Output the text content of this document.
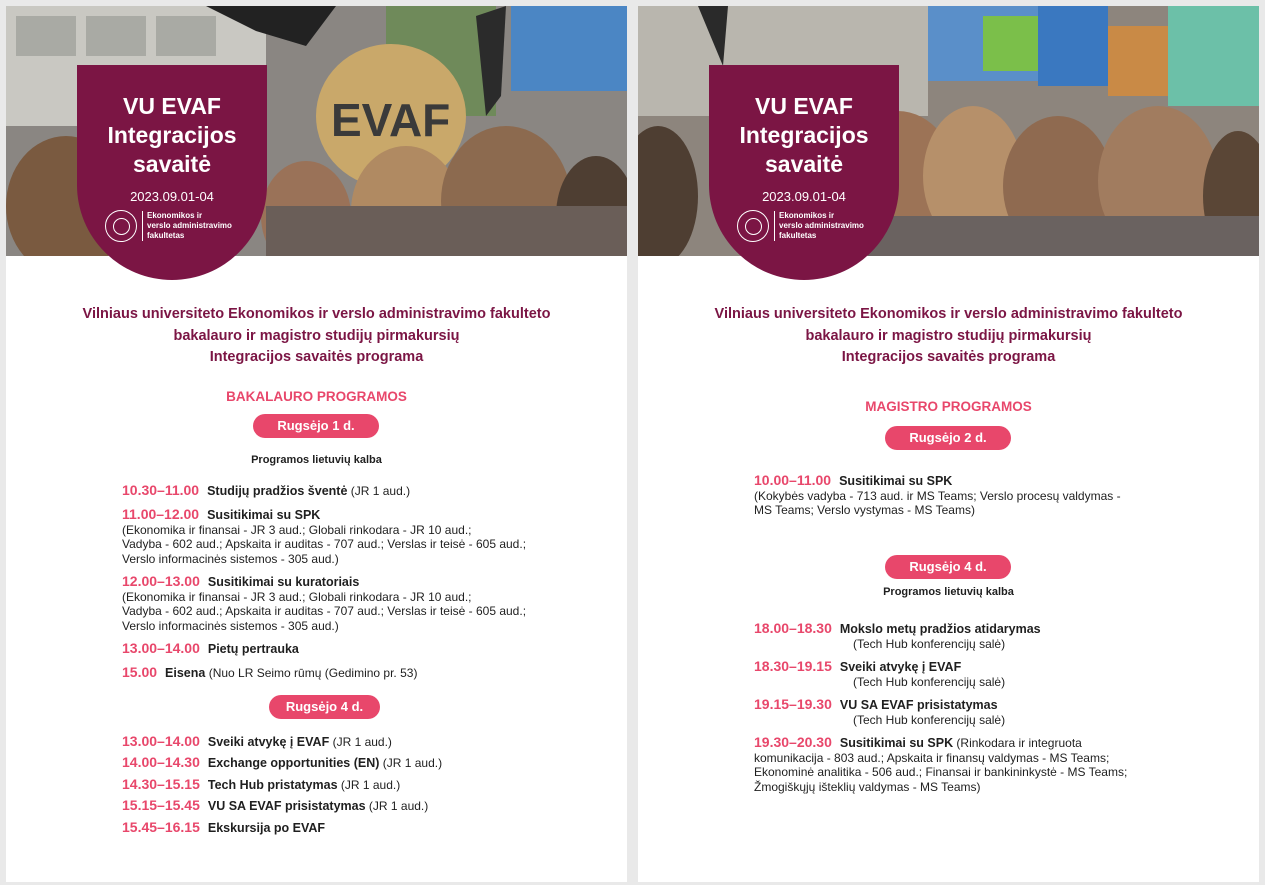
EVAF
VU EVAF
Integracijos
savaitė
2023.09.01-04
Ekonomikos ir
verslo administravimo
fakultetas
Vilniaus universiteto Ekonomikos ir verslo administravimo fakulteto
bakalauro ir magistro studijų pirmakursių
Integracijos savaitės programa
BAKALAURO PROGRAMOS
Rugsėjo 1 d.
Programos lietuvių kalba
10.30–11.00 Studijų pradžios šventė (JR 1 aud.)
11.00–12.00 Susitikimai su SPK
(Ekonomika ir finansai - JR 3 aud.; Globali rinkodara - JR 10 aud.;
Vadyba - 602 aud.; Apskaita ir auditas - 707 aud.; Verslas ir teisė - 605 aud.;
Verslo informacinės sistemos - 305 aud.)
12.00–13.00 Susitikimai su kuratoriais
(Ekonomika ir finansai - JR 3 aud.; Globali rinkodara - JR 10 aud.;
Vadyba - 602 aud.; Apskaita ir auditas - 707 aud.; Verslas ir teisė - 605 aud.;
Verslo informacinės sistemos - 305 aud.)
13.00–14.00 Pietų pertrauka
15.00 Eisena (Nuo LR Seimo rūmų (Gedimino pr. 53)
Rugsėjo 4 d.
13.00–14.00 Sveiki atvykę į EVAF (JR 1 aud.)
14.00–14.30 Exchange opportunities (EN) (JR 1 aud.)
14.30–15.15 Tech Hub pristatymas (JR 1 aud.)
15.15–15.45 VU SA EVAF prisistatymas (JR 1 aud.)
15.45–16.15 Ekskursija po EVAF
VU EVAF
Integracijos
savaitė
2023.09.01-04
Ekonomikos ir
verslo administravimo
fakultetas
Vilniaus universiteto Ekonomikos ir verslo administravimo fakulteto
bakalauro ir magistro studijų pirmakursių
Integracijos savaitės programa
MAGISTRO PROGRAMOS
Rugsėjo 2 d.
10.00–11.00 Susitikimai su SPK
(Kokybės vadyba - 713 aud. ir MS Teams; Verslo procesų valdymas -
MS Teams; Verslo vystymas - MS Teams)
Rugsėjo 4 d.
Programos lietuvių kalba
18.00–18.30 Mokslo metų pradžios atidarymas
(Tech Hub konferencijų salė)
18.30–19.15 Sveiki atvykę į EVAF
(Tech Hub konferencijų salė)
19.15–19.30 VU SA EVAF prisistatymas
(Tech Hub konferencijų salė)
19.30–20.30 Susitikimai su SPK (Rinkodara ir integruota
komunikacija - 803 aud.; Apskaita ir finansų valdymas - MS Teams;
Ekonominė analitika - 506 aud.; Finansai ir bankininkystė - MS Teams;
Žmogiškųjų išteklių valdymas - MS Teams)
